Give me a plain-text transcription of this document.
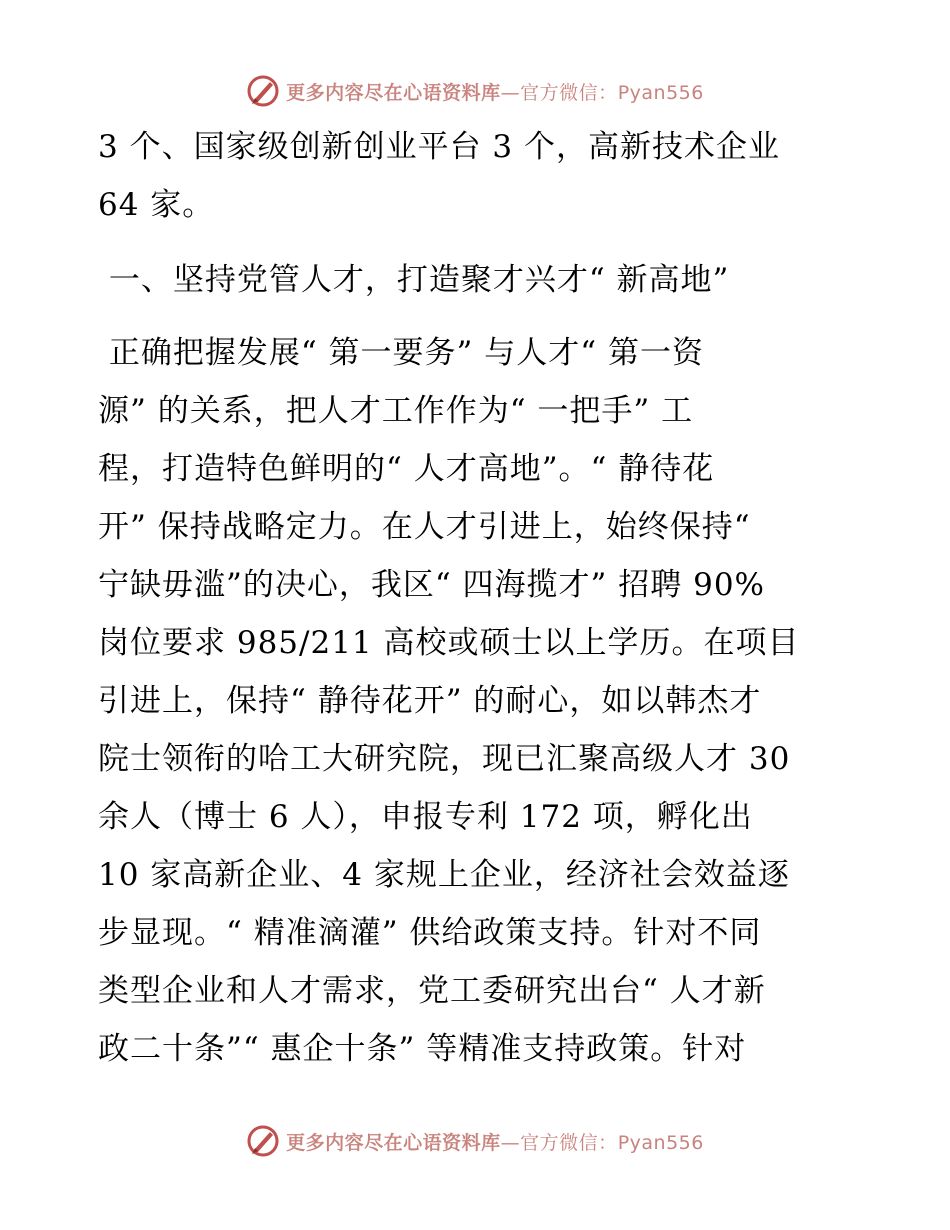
更多内容尽在心语资料库—官方微信：Pyan556
3 个、国家级创新创业平台 3 个，高新技术企业
64 家。
一、坚持党管人才，打造聚才兴才“ 新高地”
正确把握发展“ 第一要务” 与人才“ 第一资
源” 的关系，把人才工作作为“ 一把手” 工
程，打造特色鲜明的“ 人才高地”。“ 静待花
开” 保持战略定力。在人才引进上，始终保持“
宁缺毋滥”的决心，我区“ 四海揽才” 招聘 90%
岗位要求 985/211 高校或硕士以上学历。在项目
引进上，保持“ 静待花开” 的耐心，如以韩杰才
院士领衔的哈工大研究院，现已汇聚高级人才 30
余人（博士 6 人），申报专利 172 项，孵化出
10 家高新企业、4 家规上企业，经济社会效益逐
步显现。“ 精准滴灌” 供给政策支持。针对不同
类型企业和人才需求，党工委研究出台“ 人才新
政二十条”“ 惠企十条” 等精准支持政策。针对
更多内容尽在心语资料库—官方微信：Pyan556
